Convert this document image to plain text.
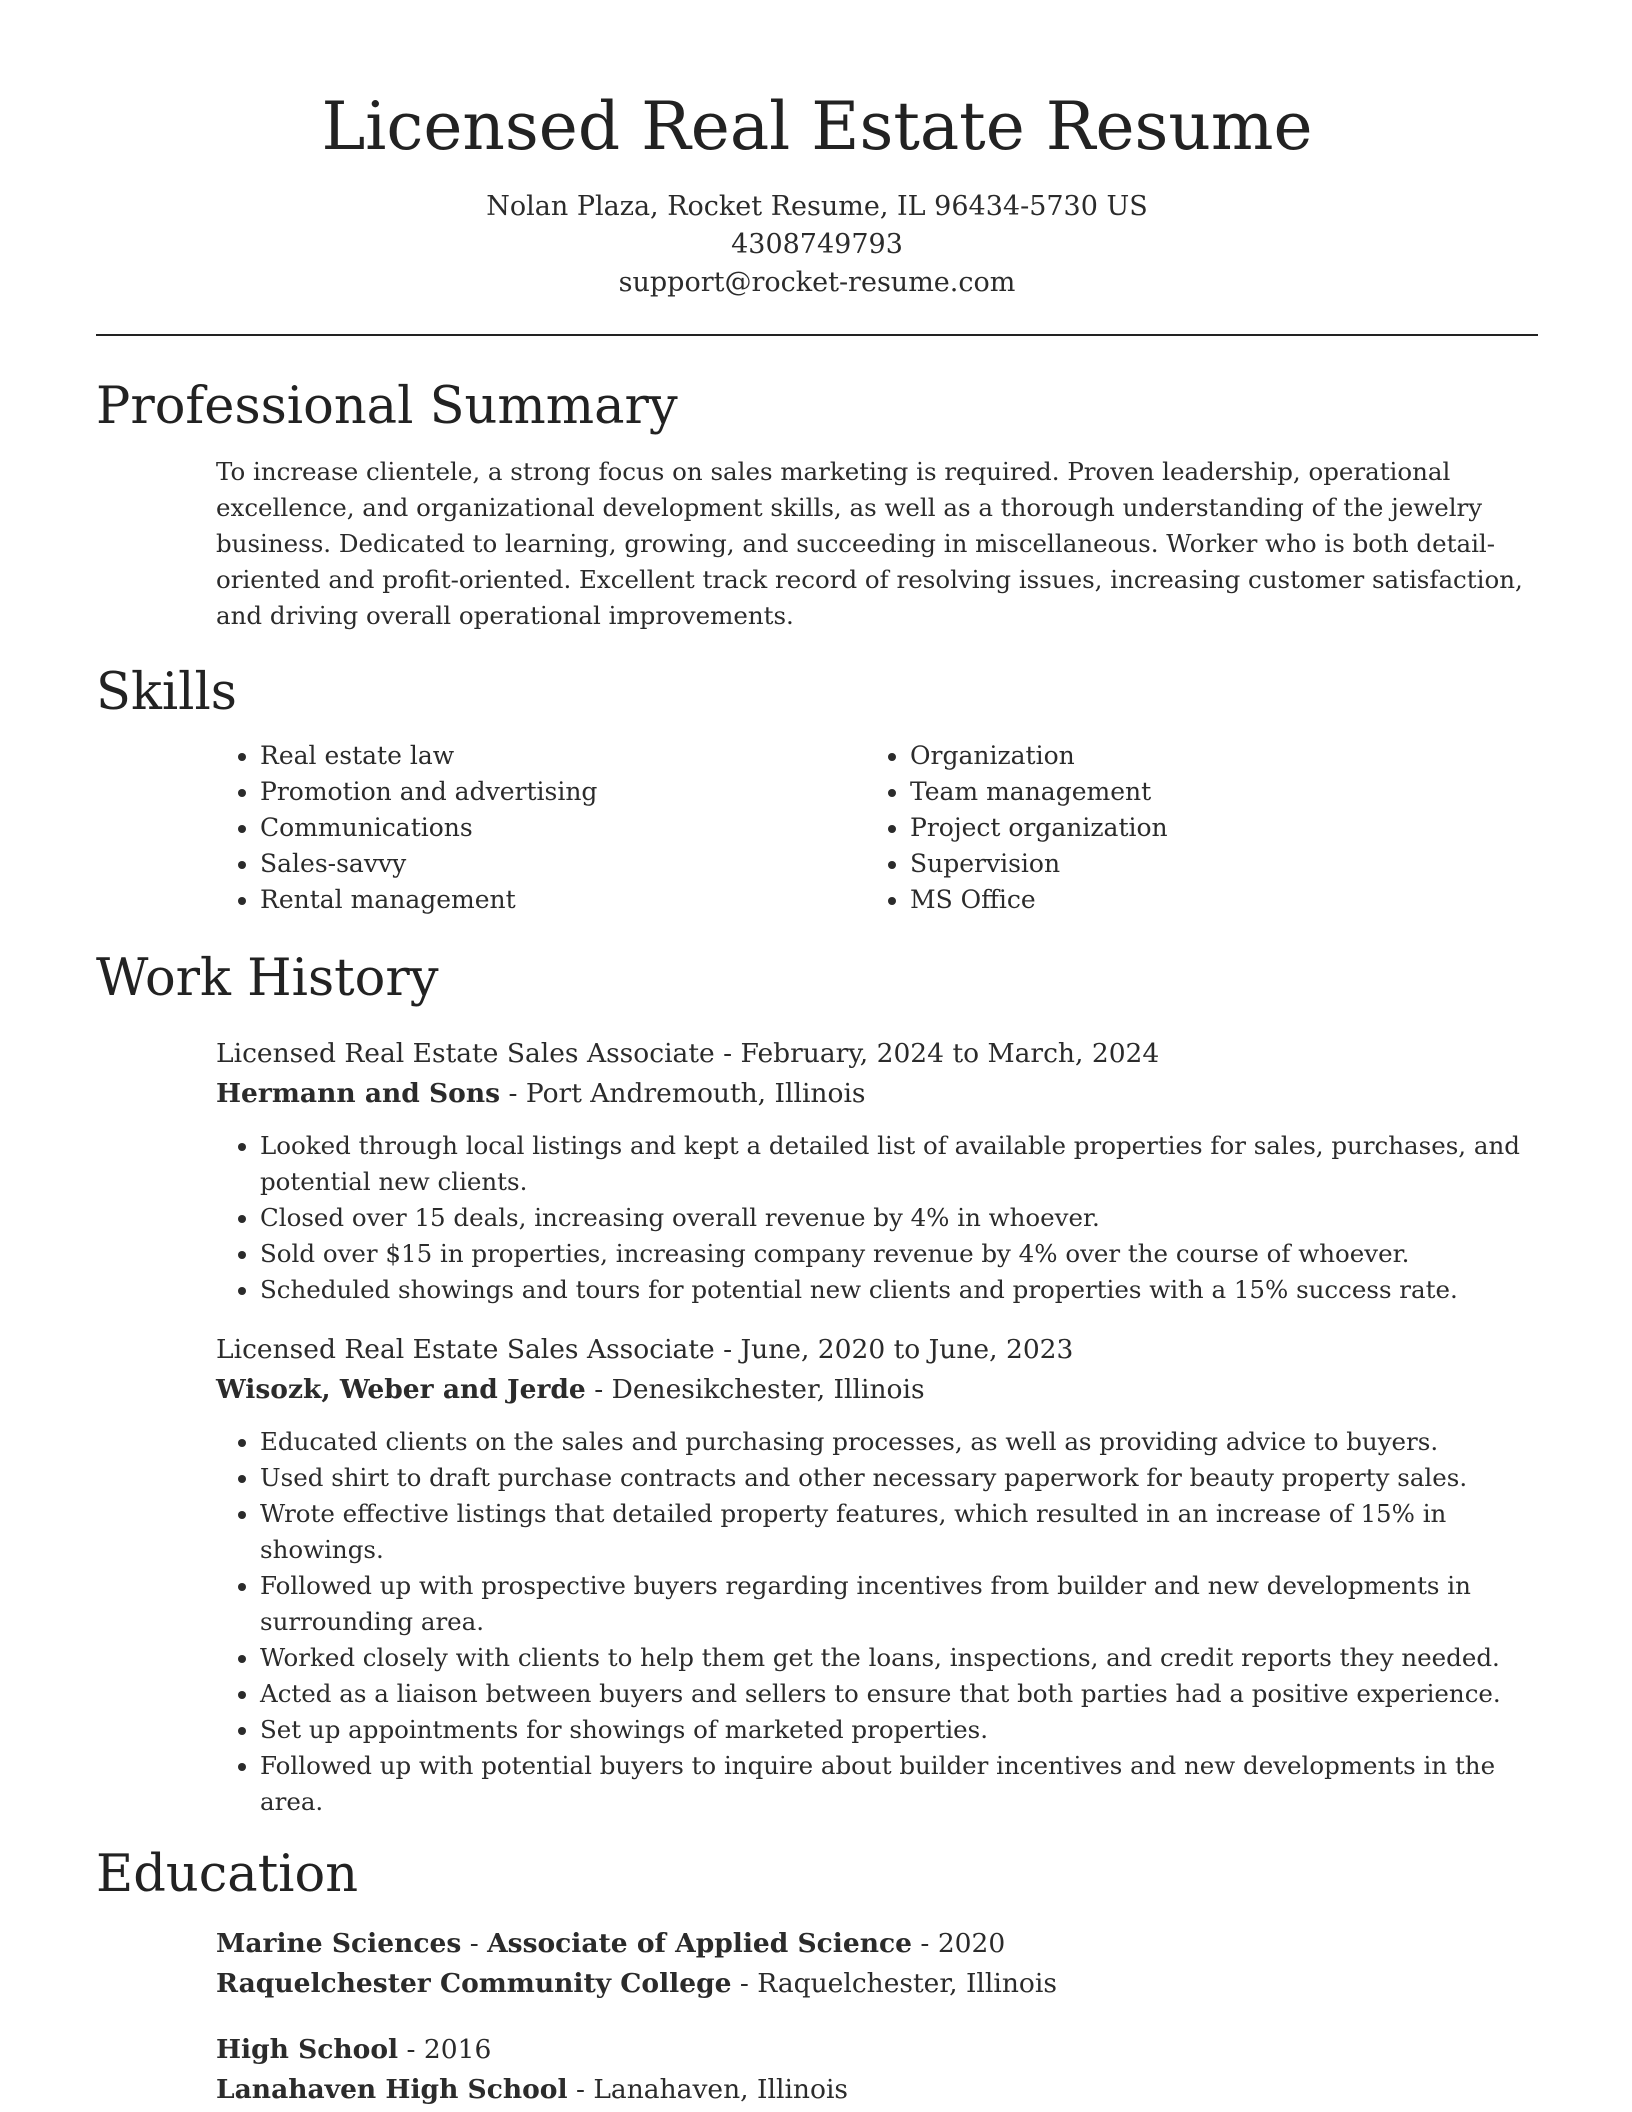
Licensed Real Estate Resume
Nolan Plaza, Rocket Resume, IL 96434-5730 US
4308749793
support@rocket-resume.com
Professional Summary
To increase clientele, a strong focus on sales marketing is required. Proven leadership, operational excellence, and organizational development skills, as well as a thorough understanding of the jewelry business. Dedicated to learning, growing, and succeeding in miscellaneous. Worker who is both detail-oriented and profit-oriented. Excellent track record of resolving issues, increasing customer satisfaction, and driving overall operational improvements.
Skills
• Real estate law
• Promotion and advertising
• Communications
• Sales-savvy
• Rental management
• Organization
• Team management
• Project organization
• Supervision
• MS Office
Work History
Licensed Real Estate Sales Associate - February, 2024 to March, 2024
Hermann and Sons - Port Andremouth, Illinois
• Looked through local listings and kept a detailed list of available properties for sales, purchases, and potential new clients.
• Closed over 15 deals, increasing overall revenue by 4% in whoever.
• Sold over $15 in properties, increasing company revenue by 4% over the course of whoever.
• Scheduled showings and tours for potential new clients and properties with a 15% success rate.
Licensed Real Estate Sales Associate - June, 2020 to June, 2023
Wisozk, Weber and Jerde - Denesikchester, Illinois
• Educated clients on the sales and purchasing processes, as well as providing advice to buyers.
• Used shirt to draft purchase contracts and other necessary paperwork for beauty property sales.
• Wrote effective listings that detailed property features, which resulted in an increase of 15% in showings.
• Followed up with prospective buyers regarding incentives from builder and new developments in surrounding area.
• Worked closely with clients to help them get the loans, inspections, and credit reports they needed.
• Acted as a liaison between buyers and sellers to ensure that both parties had a positive experience.
• Set up appointments for showings of marketed properties.
• Followed up with potential buyers to inquire about builder incentives and new developments in the area.
Education
Marine Sciences - Associate of Applied Science - 2020
Raquelchester Community College - Raquelchester, Illinois
High School - 2016
Lanahaven High School - Lanahaven, Illinois
